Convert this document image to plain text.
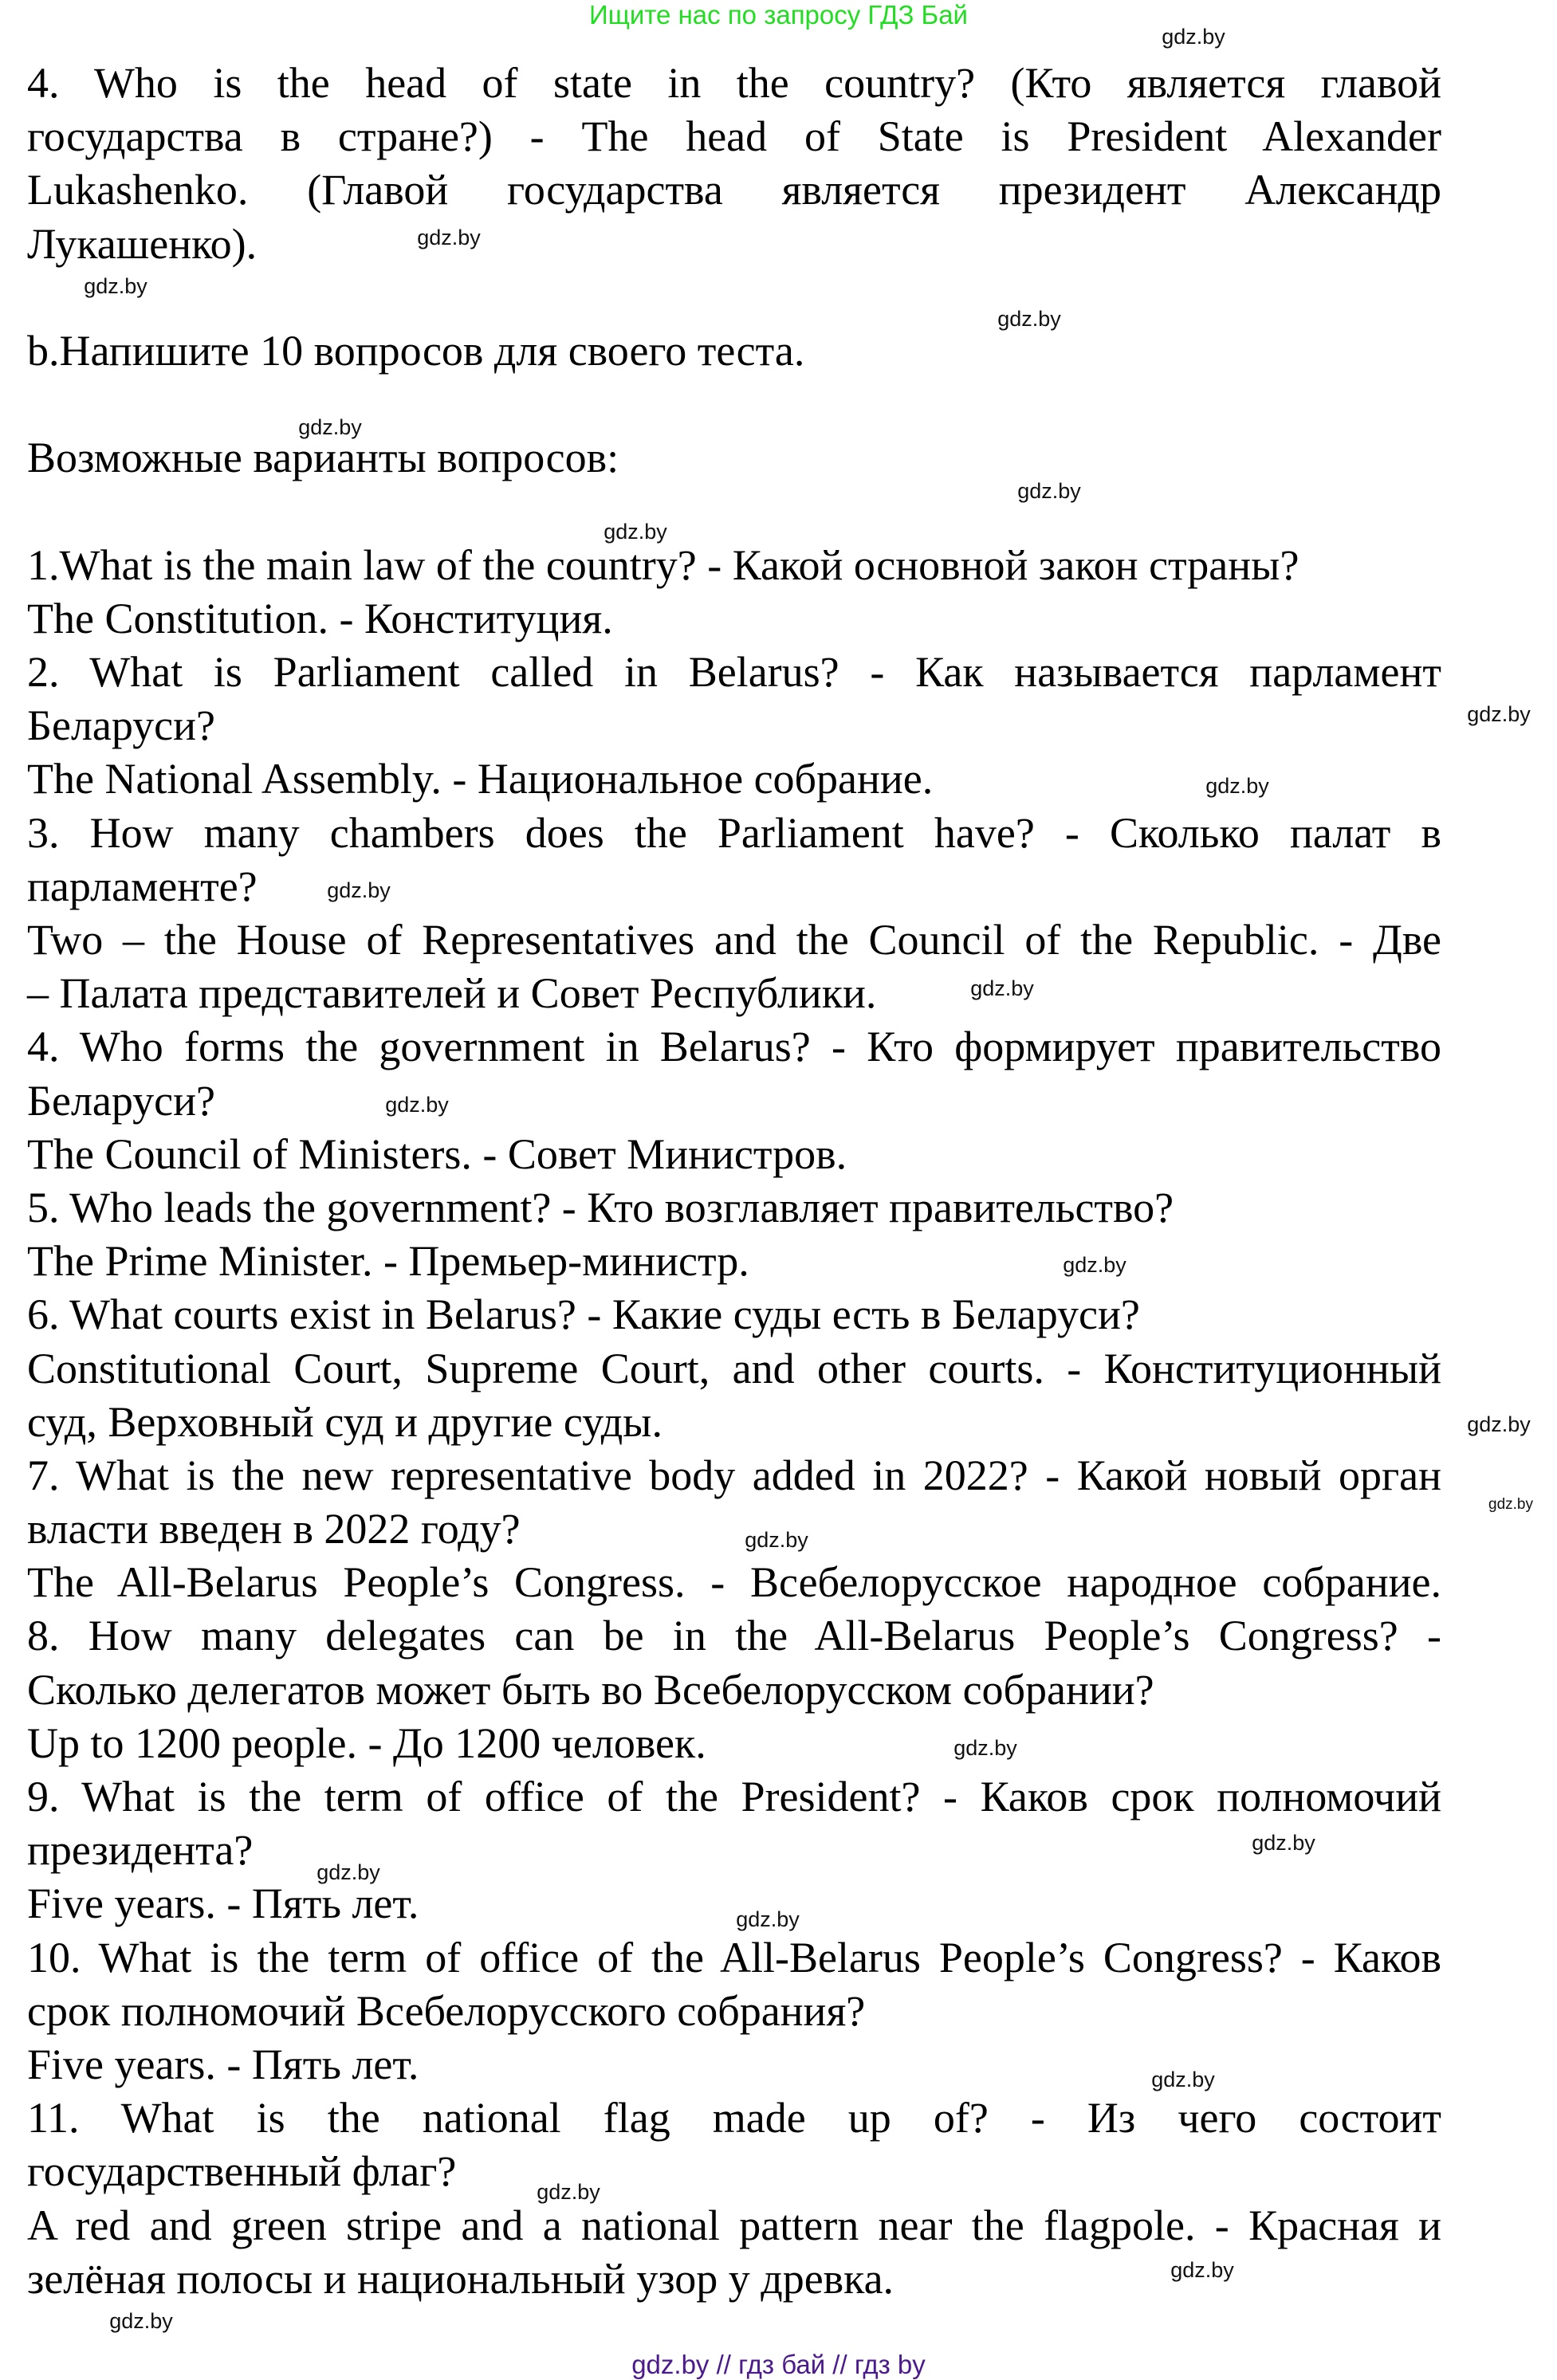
Ищите нас по запросу ГДЗ Бай
4. Who is the head of state in the country? (Кто является главой
государства в стране?) - The head of State is President Alexander
Lukashenko. (Главой государства является президент Александр
Лукашенко).
b.Напишите 10 вопросов для своего теста.
Возможные варианты вопросов:
1.What is the main law of the country? - Какой основной закон страны?
The Constitution. - Конституция.
2. What is Parliament called in Belarus? - Как называется парламент
Беларуси?
The National Assembly. - Национальное собрание.
3. How many chambers does the Parliament have? - Сколько палат в
парламенте?
Two – the House of Representatives and the Council of the Republic. - Две
– Палата представителей и Совет Республики.
4. Who forms the government in Belarus? - Кто формирует правительство
Беларуси?
The Council of Ministers. - Совет Министров.
5. Who leads the government? - Кто возглавляет правительство?
The Prime Minister. - Премьер-министр.
6. What courts exist in Belarus? - Какие суды есть в Беларуси?
Constitutional Court, Supreme Court, and other courts. - Конституционный
суд, Верховный суд и другие суды.
7. What is the new representative body added in 2022? - Какой новый орган
власти введен в 2022 году?
The All-Belarus People’s Congress. - Всебелорусское народное собрание.
8. How many delegates can be in the All-Belarus People’s Congress? -
Сколько делегатов может быть во Всебелорусском собрании?
Up to 1200 people. - До 1200 человек.
9. What is the term of office of the President? - Каков срок полномочий
президента?
Five years. - Пять лет.
10. What is the term of office of the All-Belarus People’s Congress? - Каков
срок полномочий Всебелорусского собрания?
Five years. - Пять лет.
11. What is the national flag made up of? - Из чего состоит
государственный флаг?
A red and green stripe and a national pattern near the flagpole. - Красная и
зелёная полосы и национальный узор у древка.
gdz.by
gdz.by
gdz.by
gdz.by
gdz.by
gdz.by
gdz.by
gdz.by
gdz.by
gdz.by
gdz.by
gdz.by
gdz.by
gdz.by
gdz.by
gdz.by
gdz.by
gdz.by
gdz.by
gdz.by
gdz.by
gdz.by
gdz.by
gdz.by
gdz.by // гдз бай // гдз by
